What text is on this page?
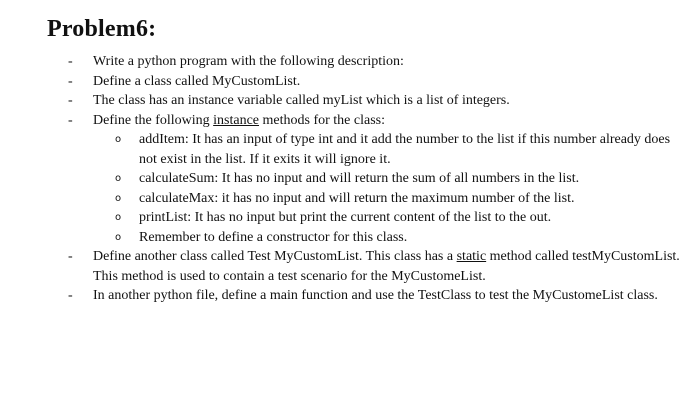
Problem6:
- Write a python program with the following description:
- Define a class called MyCustomList.
- The class has an instance variable called myList which is a list of integers.
- Define the following instance methods for the class:
o addItem: It has an input of type int and it add the number to the list if this number already does not exist in the list. If it exits it will ignore it.
o calculateSum: It has no input and will return the sum of all numbers in the list.
o calculateMax: it has no input and will return the maximum number of the list.
o printList: It has no input but print the current content of the list to the out.
o Remember to define a constructor for this class.
- Define another class called Test MyCustomList. This class has a static method called testMyCustomList. This method is used to contain a test scenario for the MyCustomeList.
- In another python file, define a main function and use the TestClass to test the MyCustomeList class.
